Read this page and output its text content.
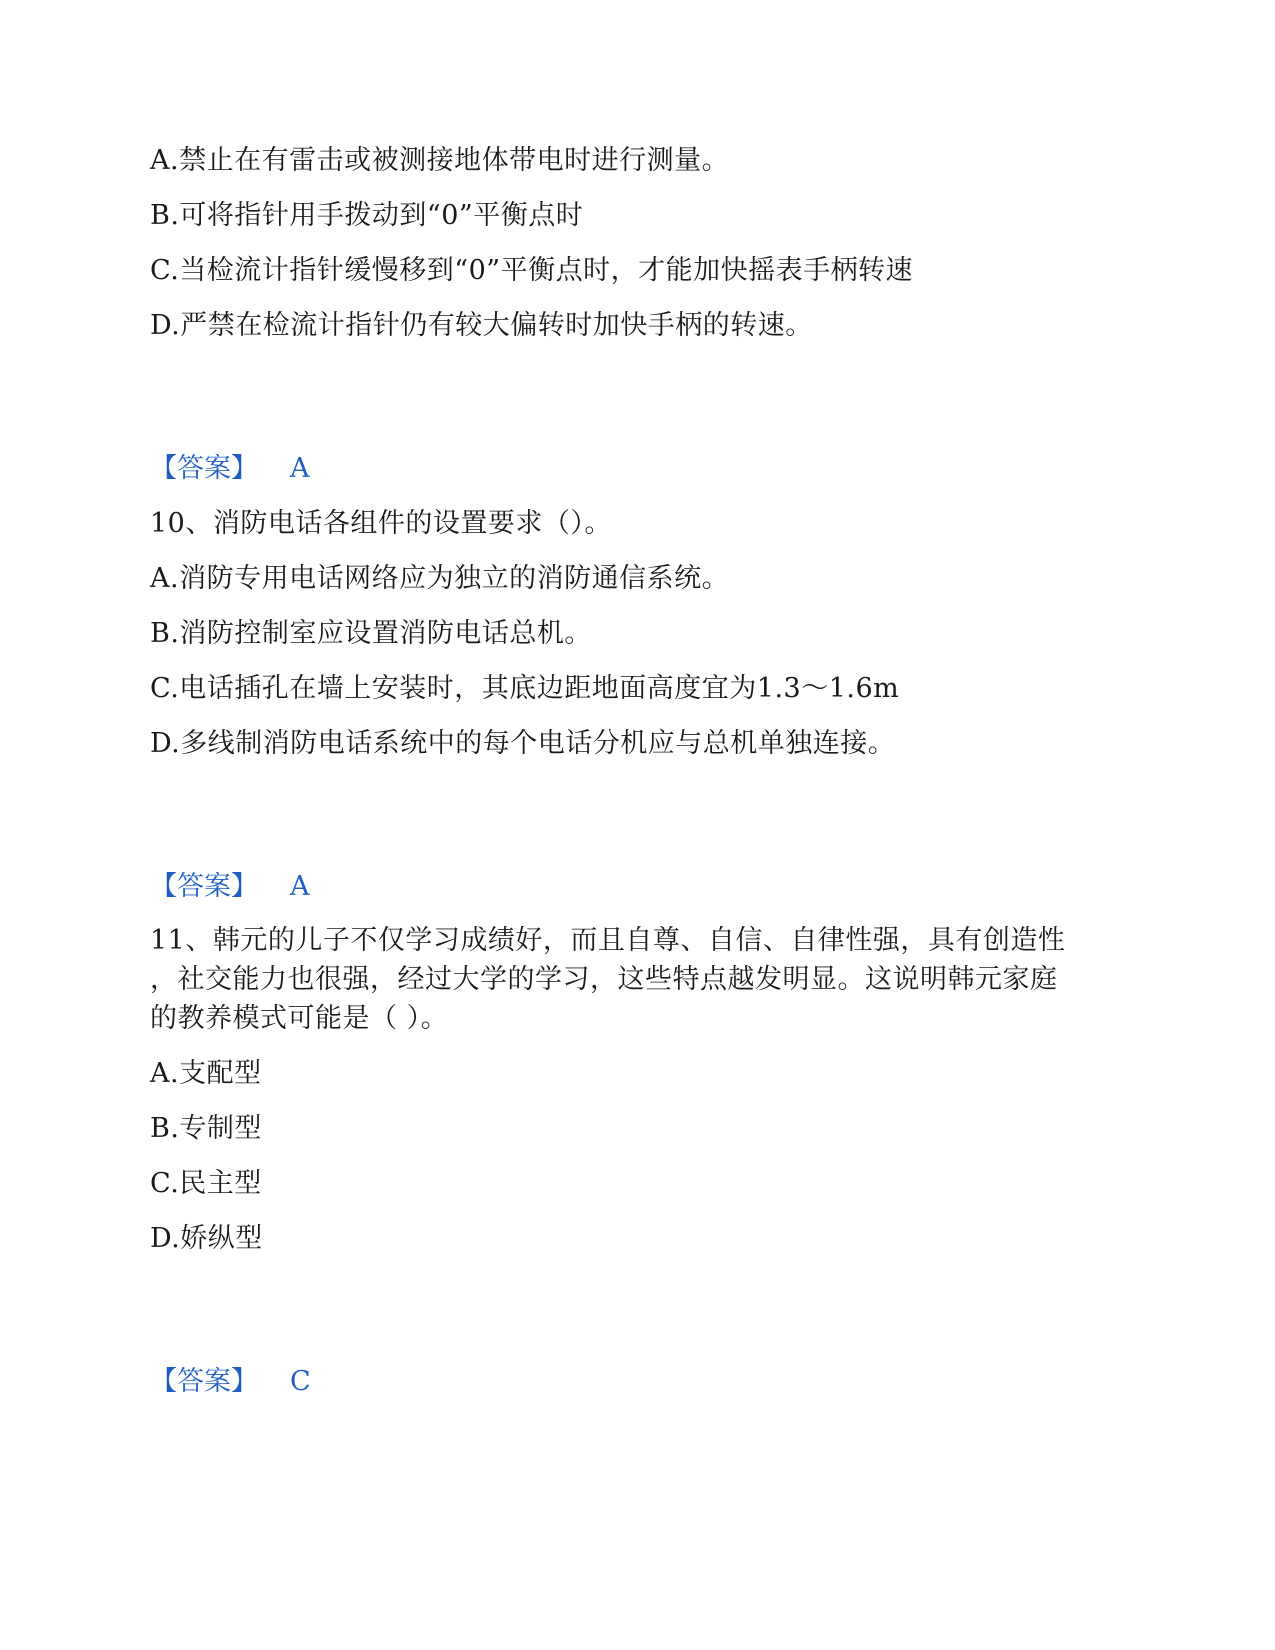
A.禁止在有雷击或被测接地体带电时进行测量。
B.可将指针用手拨动到“0”平衡点时
C.当检流计指针缓慢移到“0”平衡点时，才能加快摇表手柄转速
D.严禁在检流计指针仍有较大偏转时加快手柄的转速。
【答案】 A
10、消防电话各组件的设置要求（）。
A.消防专用电话网络应为独立的消防通信系统。
B.消防控制室应设置消防电话总机。
C.电话插孔在墙上安装时，其底边距地面高度宜为1.3～1.6m
D.多线制消防电话系统中的每个电话分机应与总机单独连接。
【答案】 A
11、韩元的儿子不仅学习成绩好，而且自尊、自信、自律性强，具有创造性
，社交能力也很强，经过大学的学习，这些特点越发明显。这说明韩元家庭
的教养模式可能是（ ）。
A.支配型
B.专制型
C.民主型
D.娇纵型
【答案】 C
